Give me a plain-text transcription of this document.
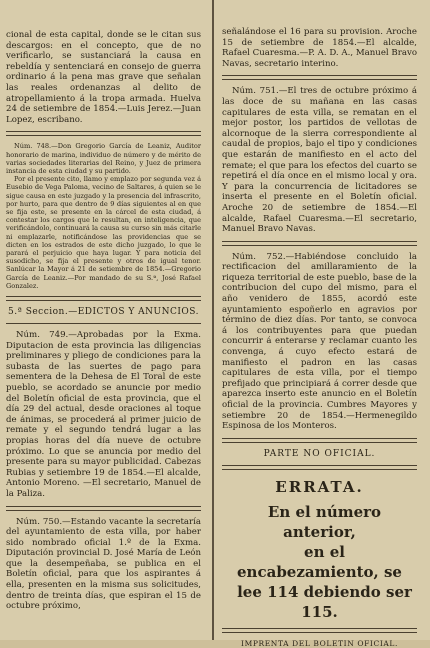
cional de esta capital, donde se le citan sus descargos: en el concepto, que de no verificarlo, se sustanciará la causa en rebeldía y sentenciará en consejo de guerra ordinario á la pena mas grave que señalan las reales ordenanzas al delito de atropellamiento á la tropa armada. Huelva 24 de setiembre de 1854.—Luis Jerez.—Juan Lopez, escribano.

Núm. 748.—Don Gregorio García de Leaniz, Auditor honorario de marina, individuo de número y de mérito de varias sociedades literarias del Reino, y Juez de primera instancia de esta ciudad y su partido.

Por el presente cito, llamo y emplazo por segunda vez á Eusebio de Vega Paloma, vecino de Saltares, á quien se le sigue causa en este juzgado y la presencia del infrascrito, por hurto, para que dentro de 9 días siguientes al en que se fija este, se presente en la cárcel de esta ciudad, á contestar los cargos que le resultan, en inteligencia, que verificándolo, continuará la causa su curso sin más citarle ni emplazarle, notificándose las providencias que se dicten en los estrados de este dicho juzgado, lo que le parará el perjuicio que haya lugar. Y para noticia del susodicho, se fija el presente y otros de igual tenor. Sanlúcar la Mayor á 21 de setiembre de 1854.—Gregorio García de Leaniz.—Por mandado de su S.ª, José Rafael Gonzalez.

5.ª Seccion.—EDICTOS Y ANUNCIOS.

Núm. 749.—Aprobadas por la Exma. Diputacion de esta provincia las diligencias preliminares y pliego de condiciones para la subasta de las suertes de pago para sementera de la Dehesa de El Toral de este pueblo, se acordado se anuncie por medio del Boletín oficial de esta provincia, que el día 29 del actual, desde oraciones al toque de ánimas, se procederá al primer juicio de remate y el segundo tendrá lugar a las propias horas del día nueve de octubre próximo. Lo que se anuncia por medio del presente para su mayor publicidad. Cabezas Rubias y setiembre 19 de 1854.—El alcalde, Antonio Moreno. —El secretario, Manuel de la Paliza.

Núm. 750.—Estando vacante la secretaría del ayuntamiento de esta villa, por haber sido nombrado oficial 1.º de la Exma. Diputación provincial D. José María de León que la desempeñaba, se publica en el Boletín oficial, para que los aspirantes á ella, presenten en la misma sus solicitudes, dentro de treinta días, que espiran el 15 de octubre próximo,

señalándose el 16 para su provision. Aroche 15 de setiembre de 1854.—El alcalde, Rafael Cuaresma.—P. A. D. A., Manuel Bravo Navas, secretario interino.

Núm. 751.—El tres de octubre próximo á las doce de su mañana en las casas capitulares de esta villa, se rematan en el mejor postor, los partidos de vellotas de alcornoque de la sierra correspondiente al caudal de propios, bajo el tipo y condiciones que estarán de manifiesto en el acto del remate; el que para los efectos del cuarto se repetirá el día once en el mismo local y ora. Y para la concurrencia de licitadores se inserta el presente en el Boletín oficial. Aroche 20 de setiembre de 1854.—El alcalde, Rafael Cuaresma.—El secretario, Manuel Bravo Navas.

Núm. 752.—Habiéndose concluido la rectificacion del amillaramiento de la riqueza territorial de este pueblo, base de la contribucion del cupo del mismo, para el año venidero de 1855, acordó este ayuntamiento espoñerlo en agravios por término de diez días. Por tanto, se convoca á los contribuyentes para que puedan concurrir á enterarse y reclamar cuanto les convenga, á cuyo efecto estará de manifiesto el padron en las casas capitulares de esta villa, por el tiempo prefijado que principiará á correr desde que aparezca inserto este anuncio en el Boletín oficial de la provincia. Cumbres Mayores y setiembre 20 de 1854.—Hermenegildo Espinosa de los Monteros.

PARTE NO OFICIAL.
ERRATA.

En el número anterior,

en el encabezamiento, se

lee 114 debiendo ser 115.

IMPRENTA DEL BOLETIN OFICIAL.
